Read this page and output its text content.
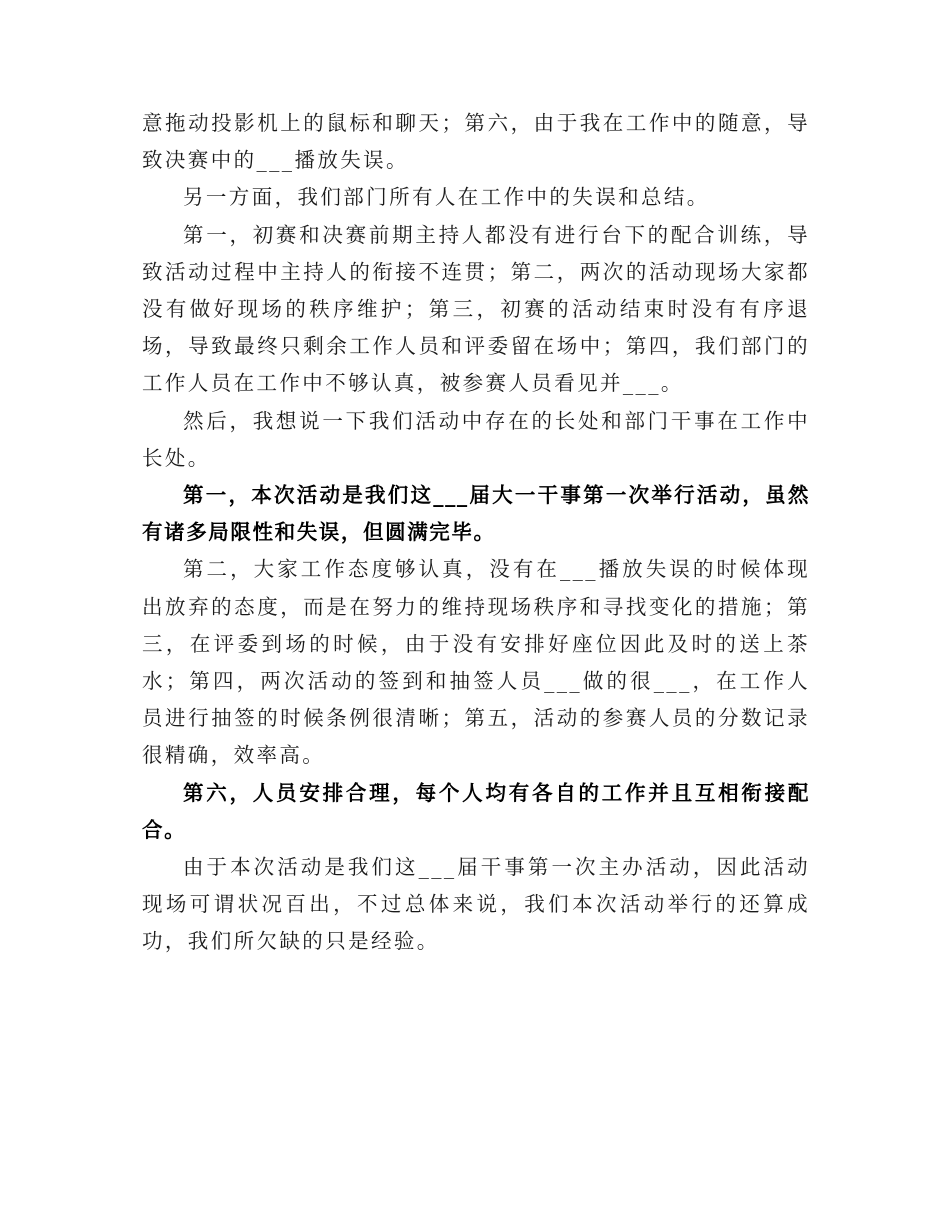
意拖动投影机上的鼠标和聊天；第六，由于我在工作中的随意，导致决赛中的___播放失误。

另一方面，我们部门所有人在工作中的失误和总结。

第一，初赛和决赛前期主持人都没有进行台下的配合训练，导致活动过程中主持人的衔接不连贯；第二，两次的活动现场大家都没有做好现场的秩序维护；第三，初赛的活动结束时没有有序退场，导致最终只剩余工作人员和评委留在场中；第四，我们部门的工作人员在工作中不够认真，被参赛人员看见并___。

然后，我想说一下我们活动中存在的长处和部门干事在工作中长处。

第一，本次活动是我们这___届大一干事第一次举行活动，虽然有诸多局限性和失误，但圆满完毕。

第二，大家工作态度够认真，没有在___播放失误的时候体现出放弃的态度，而是在努力的维持现场秩序和寻找变化的措施；第三，在评委到场的时候，由于没有安排好座位因此及时的送上茶水；第四，两次活动的签到和抽签人员___做的很___，在工作人员进行抽签的时候条例很清晰；第五，活动的参赛人员的分数记录很精确，效率高。

第六，人员安排合理，每个人均有各自的工作并且互相衔接配合。

由于本次活动是我们这___届干事第一次主办活动，因此活动现场可谓状况百出，不过总体来说，我们本次活动举行的还算成功，我们所欠缺的只是经验。
